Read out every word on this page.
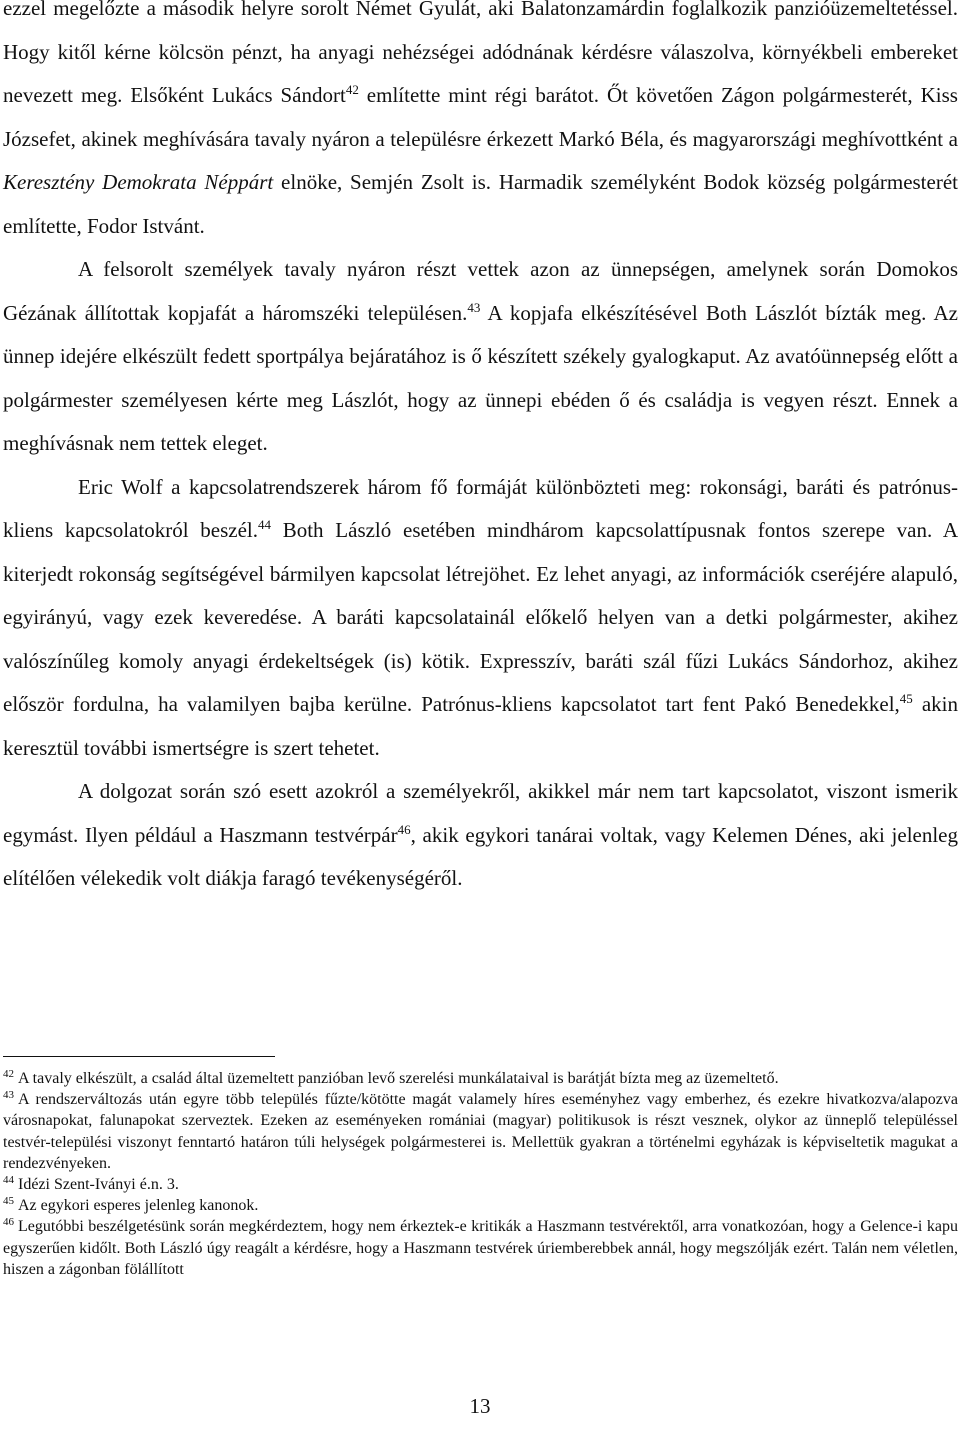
ezzel megelőzte a második helyre sorolt Német Gyulát, aki Balatonzamárdin foglalkozik panzióüzemeltetéssel. Hogy kitől kérne kölcsön pénzt, ha anyagi nehézségei adódnának kérdésre válaszolva, környékbeli embereket nevezett meg. Elsőként Lukács Sándort$^{42}$ említette mint régi barátot. Őt követően Zágon polgármesterét, Kiss Józsefet, akinek meghívására tavaly nyáron a településre érkezett Markó Béla, és magyarországi meghívottként a Keresztény Demokrata Néppárt elnöke, Semjén Zsolt is. Harmadik személyként Bodok község polgármesterét említette, Fodor Istvánt.

A felsorolt személyek tavaly nyáron részt vettek azon az ünnepségen, amelynek során Domokos Gézának állítottak kopjafát a háromszéki településen.$^{43}$ A kopjafa elkészítésével Both Lászlót bízták meg. Az ünnep idejére elkészült fedett sportpálya bejáratához is ő készített székely gyalogkaput. Az avatóünnepség előtt a polgármester személyesen kérte meg Lászlót, hogy az ünnepi ebéden ő és családja is vegyen részt. Ennek a meghívásnak nem tettek eleget.

Eric Wolf a kapcsolatrendszerek három fő formáját különbözteti meg: rokonsági, baráti és patrónus-kliens kapcsolatokról beszél.$^{44}$ Both László esetében mindhárom kapcsolattípusnak fontos szerepe van. A kiterjedt rokonság segítségével bármilyen kapcsolat létrejöhet. Ez lehet anyagi, az információk cseréjére alapuló, egyirányú, vagy ezek keveredése. A baráti kapcsolatainál előkelő helyen van a detki polgármester, akihez valószínűleg komoly anyagi érdekeltségek (is) kötik. Expresszív, baráti szál fűzi Lukács Sándorhoz, akihez először fordulna, ha valamilyen bajba kerülne. Patrónus-kliens kapcsolatot tart fent Pakó Benedekkel,$^{45}$ akin keresztül további ismertségre is szert tehetet.

A dolgozat során szó esett azokról a személyekről, akikkel már nem tart kapcsolatot, viszont ismerik egymást. Ilyen például a Haszmann testvérpár$^{46}$, akik egykori tanárai voltak, vagy Kelemen Dénes, aki jelenleg elítélően vélekedik volt diákja faragó tevékenységéről.

$^{42}$ A tavaly elkészült, a család által üzemeltett panzióban levő szerelési munkálataival is barátját bízta meg az üzemeltető.

$^{43}$ A rendszerváltozás után egyre több település fűzte/kötötte magát valamely híres eseményhez vagy emberhez, és ezekre hivatkozva/alapozva városnapokat, falunapokat szerveztek. Ezeken az eseményeken romániai (magyar) politikusok is részt vesznek, olykor az ünneplő településsel testvér-települési viszonyt fenntartó határon túli helységek polgármesterei is. Mellettük gyakran a történelmi egyházak is képviseltetik magukat a rendezvényeken.

$^{44}$ Idézi Szent-Iványi é.n. 3.

$^{45}$ Az egykori esperes jelenleg kanonok.

$^{46}$ Legutóbbi beszélgetésünk során megkérdeztem, hogy nem érkeztek-e kritikák a Haszmann testvérektől, arra vonatkozóan, hogy a Gelence-i kapu egyszerűen kidőlt. Both László úgy reagált a kérdésre, hogy a Haszmann testvérek úriemberebbek annál, hogy megszólják ezért. Talán nem véletlen, hiszen a zágonban fölállított

13
